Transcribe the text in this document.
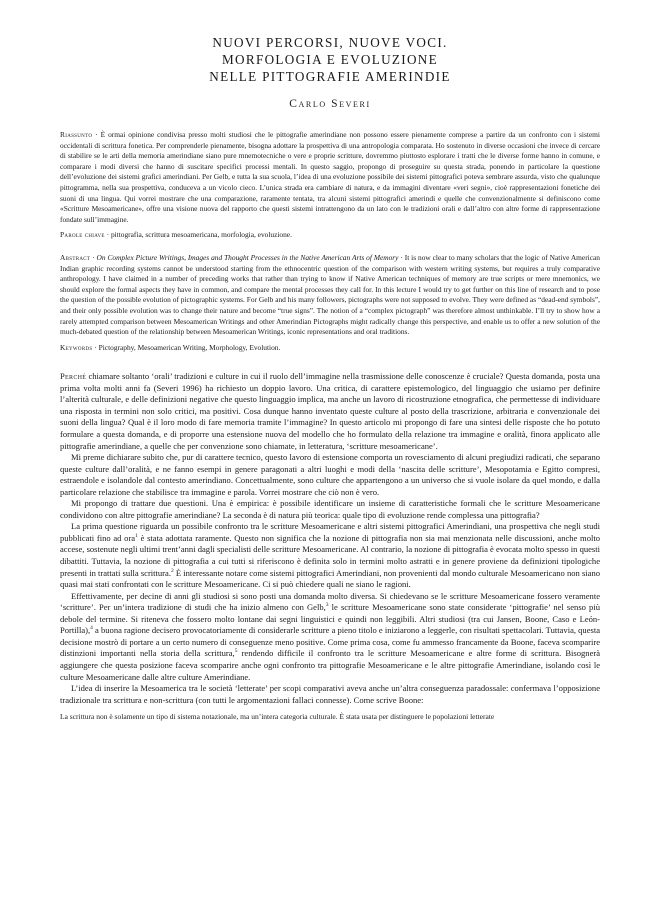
NUOVI PERCORSI, NUOVE VOCI.
MORFOLOGIA E EVOLUZIONE
NELLE PITTOGRAFIE AMERINDIE
Carlo Severi
Riassunto · È ormai opinione condivisa presso molti studiosi che le pittografie amerindiane non possono essere pienamente comprese a partire da un confronto con i sistemi occidentali di scrittura fonetica. Per comprenderle pienamente, bisogna adottare la prospettiva di una antropologia comparata. Ho sostenuto in diverse occasioni che invece di cercare di stabilire se le arti della memoria amerindiane siano pure mnemotecniche o vere e proprie scritture, dovremmo piuttosto esplorare i tratti che le diverse forme hanno in comune, e comparare i modi diversi che hanno di suscitare specifici processi mentali. In questo saggio, propongo di proseguire su questa strada, ponendo in particolare la questione dell’evoluzione dei sistemi grafici amerindiani. Per Gelb, e tutta la sua scuola, l’idea di una evoluzione possibile dei sistemi pittografici poteva sembrare assurda, visto che qualunque pittogramma, nella sua prospettiva, conduceva a un vicolo cieco. L’unica strada era cambiare di natura, e da immagini diventare «veri segni», cioè rappresentazioni fonetiche dei suoni di una lingua. Qui vorrei mostrare che una comparazione, raramente tentata, tra alcuni sistemi pittografici amerindi e quelle che convenzionalmente si definiscono come «Scritture Mesoamericane», offre una visione nuova del rapporto che questi sistemi intrattengono da un lato con le tradizioni orali e dall’altro con altre forme di rappresentazione fondate sull’immagine.
Parole chiave · pittografia, scrittura mesoamericana, morfologia, evoluzione.
Abstract · On Complex Picture Writings, Images and Thought Processes in the Native American Arts of Memory · It is now clear to many scholars that the logic of Native American Indian graphic recording systems cannot be understood starting from the ethnocentric question of the comparison with western writing systems, but requires a truly comparative anthropology. I have claimed in a number of preceding works that rather than trying to know if Native American techniques of memory are true scripts or mere mnemonics, we should explore the formal aspects they have in common, and compare the mental processes they call for. In this lecture I would try to get further on this line of research and to pose the question of the possible evolution of pictographic systems. For Gelb and his many followers, pictographs were not supposed to evolve. They were defined as “dead-end symbols”, and their only possible evolution was to change their nature and become “true signs”. The notion of a “complex pictograph” was therefore almost unthinkable. I’ll try to show how a rarely attempted comparison between Mesoamerican Writings and other Amerindian Pictographs might radically change this perspective, and enable us to offer a new solution of the much-debated question of the relationship between Mesoamerican Writings, iconic representations and oral traditions.
Keywords · Pictography, Mesoamerican Writing, Morphology, Evolution.

Perché chiamare soltanto ‘orali’ tradizioni e culture in cui il ruolo dell’immagine nella trasmissione delle conoscenze è cruciale? Questa domanda, posta una prima volta molti anni fa (Severi 1996) ha richiesto un doppio lavoro. Una critica, di carattere epistemologico, del linguaggio che usiamo per definire l’alterità culturale, e delle definizioni negative che questo linguaggio implica, ma anche un lavoro di ricostruzione etnografica, che permettesse di individuare una risposta in termini non solo critici, ma positivi. Cosa dunque hanno inventato queste culture al posto della trascrizione, arbitraria e convenzionale dei suoni della lingua? Qual è il loro modo di fare memoria tramite l’immagine? In questo articolo mi propongo di fare una sintesi delle risposte che ho potuto formulare a questa domanda, e di proporre una estensione nuova del modello che ho formulato della relazione tra immagine e oralità, finora applicato alle pittografie amerindiane, a quelle che per convenzione sono chiamate, in letteratura, ‘scritture mesoamericane’.

Mi preme dichiarare subito che, pur di carattere tecnico, questo lavoro di estensione comporta un rovesciamento di alcuni pregiudizi radicati, che separano queste culture dall’oralità, e ne fanno esempi in genere paragonati a altri luoghi e modi della ‘nascita delle scritture’, Mesopotamia e Egitto compresi, estraendole e isolandole dal contesto amerindiano. Concettualmente, sono culture che appartengono a un universo che si vuole isolare da quel mondo, e dalla particolare relazione che stabilisce tra immagine e parola. Vorrei mostrare che ciò non è vero.

Mi propongo di trattare due questioni. Una è empirica: è possibile identificare un insieme di caratteristiche formali che le scritture Mesoamericane condividono con altre pittografie amerindiane? La seconda è di natura più teorica: quale tipo di evoluzione rende complessa una pittografia?

La prima questione riguarda un possibile confronto tra le scritture Mesoamericane e altri sistemi pittografici Amerindiani, una prospettiva che negli studi pubblicati fino ad ora$^1$ è stata adottata raramente. Questo non significa che la nozione di pittografia non sia mai menzionata nelle discussioni, anche molto accese, sostenute negli ultimi trent’anni dagli specialisti delle scritture Mesoamericane. Al contrario, la nozione di pittografia è evocata molto spesso in questi dibattiti. Tuttavia, la nozione di pittografia a cui tutti si riferiscono è definita solo in termini molto astratti e in genere proviene da definizioni tipologiche presenti in trattati sulla scrittura.$^2$ È interessante notare come sistemi pittografici Amerindiani, non provenienti dal mondo culturale Mesoamericano non siano quasi mai stati confrontati con le scritture Mesoamericane. Ci si può chiedere quali ne siano le ragioni.

Effettivamente, per decine di anni gli studiosi si sono posti una domanda molto diversa. Si chiedevano se le scritture Mesoamericane fossero veramente ‘scritture’. Per un’intera tradizione di studi che ha inizio almeno con Gelb,$^3$ le scritture Mesoamericane sono state considerate ‘pittografie’ nel senso più debole del termine. Si riteneva che fossero molto lontane dai segni linguistici e quindi non leggibili. Altri studiosi (tra cui Jansen, Boone, Caso e León-Portilla),$^4$ a buona ragione decisero provocatoriamente di considerarle scritture a pieno titolo e iniziarono a leggerle, con risultati spettacolari. Tuttavia, questa decisione mostrò di portare a un certo numero di conseguenze meno positive. Come prima cosa, come fu ammesso francamente da Boone, faceva scomparire distinzioni importanti nella storia della scrittura,$^5$ rendendo difficile il confronto tra le scritture Mesoamericane e altre forme di scrittura. Bisognerà aggiungere che questa posizione faceva scomparire anche ogni confronto tra pittografie Mesoamericane e le altre pittografie Amerindiane, isolando così le culture Mesoamericane dalle altre culture Amerindiane.

L’idea di inserire la Mesoamerica tra le società ‘letterate’ per scopi comparativi aveva anche un’altra conseguenza paradossale: confermava l’opposizione tradizionale tra scrittura e non-scrittura (con tutti le argomentazioni fallaci connesse). Come scrive Boone:

La scrittura non è solamente un tipo di sistema notazionale, ma un’intera categoria culturale. È stata usata per distinguere le popolazioni letterate
